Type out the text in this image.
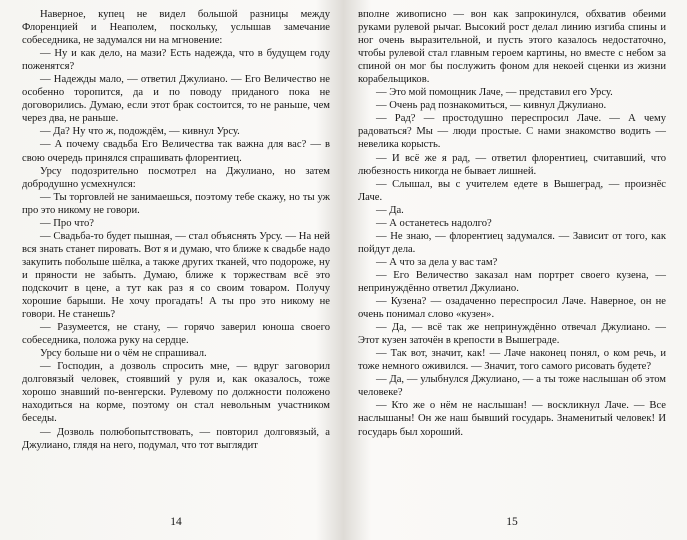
Наверное, купец не видел большой разницы между Флоренцией и Неаполем, поскольку, услышав замечание собеседника, не задумался ни на мгновение:

— Ну и как дело, на мази? Есть надежда, что в будущем году поженятся?

— Надежды мало, — ответил Джулиано. — Его Величество не особенно торопится, да и по поводу приданого пока не договорились. Думаю, если этот брак состоится, то не раньше, чем через два, не раньше.

— Да? Ну что ж, подождём, — кивнул Урсу.

— А почему свадьба Его Величества так важна для вас? — в свою очередь принялся спрашивать флорентиец.

Урсу подозрительно посмотрел на Джулиано, но затем добродушно усмехнулся:

— Ты торговлей не занимаешься, поэтому тебе скажу, но ты уж про это никому не говори.

— Про что?

— Свадьба-то будет пышная, — стал объяснять Урсу. — На ней вся знать станет пировать. Вот я и думаю, что ближе к свадьбе надо закупить побольше шёлка, а также других тканей, что подороже, ну и пряности не забыть. Думаю, ближе к торжествам всё это подскочит в цене, а тут как раз я со своим товаром. Получу хорошие барыши. Не хочу прогадать! А ты про это никому не говори. Не станешь?

— Разумеется, не стану, — горячо заверил юноша своего собеседника, положа руку на сердце.

Урсу больше ни о чём не спрашивал.

— Господин, а дозволь спросить мне, — вдруг заговорил долговязый человек, стоявший у руля и, как оказалось, тоже хорошо знавший по-венгерски. Рулевому по должности положено находиться на корме, поэтому он стал невольным участником беседы.

— Дозволь полюбопытствовать, — повторил долговязый, а Джулиано, глядя на него, подумал, что тот выглядит

14

вполне живописно — вон как запрокинулся, обхватив обеими руками рулевой рычаг. Высокий рост делал линию изгиба спины и ног очень выразительной, и пусть этого казалось недостаточно, чтобы рулевой стал главным героем картины, но вместе с небом за спиной он мог бы послужить фоном для некоей сценки из жизни корабельщиков.

— Это мой помощник Лаче, — представил его Урсу.

— Очень рад познакомиться, — кивнул Джулиано.

— Рад? — простодушно переспросил Лаче. — А чему радоваться? Мы — люди простые. С нами знакомство водить — невелика корысть.

— И всё же я рад, — ответил флорентиец, считавший, что любезность никогда не бывает лишней.

— Слышал, вы с учителем едете в Вышеград, — произнёс Лаче.

— Да.

— А останетесь надолго?

— Не знаю, — флорентиец задумался. — Зависит от того, как пойдут дела.

— А что за дела у вас там?

— Его Величество заказал нам портрет своего кузена, — непринуждённо ответил Джулиано.

— Кузена? — озадаченно переспросил Лаче. Наверное, он не очень понимал слово «кузен».

— Да, — всё так же непринуждённо отвечал Джулиано. — Этот кузен заточён в крепости в Вышеграде.

— Так вот, значит, как! — Лаче наконец понял, о ком речь, и тоже немного оживился. — Значит, того самого рисовать будете?

— Да, — улыбнулся Джулиано, — а ты тоже наслышан об этом человеке?

— Кто же о нём не наслышан! — воскликнул Лаче. — Все наслышаны! Он же наш бывший государь. Знаменитый человек! И государь был хороший.

15
